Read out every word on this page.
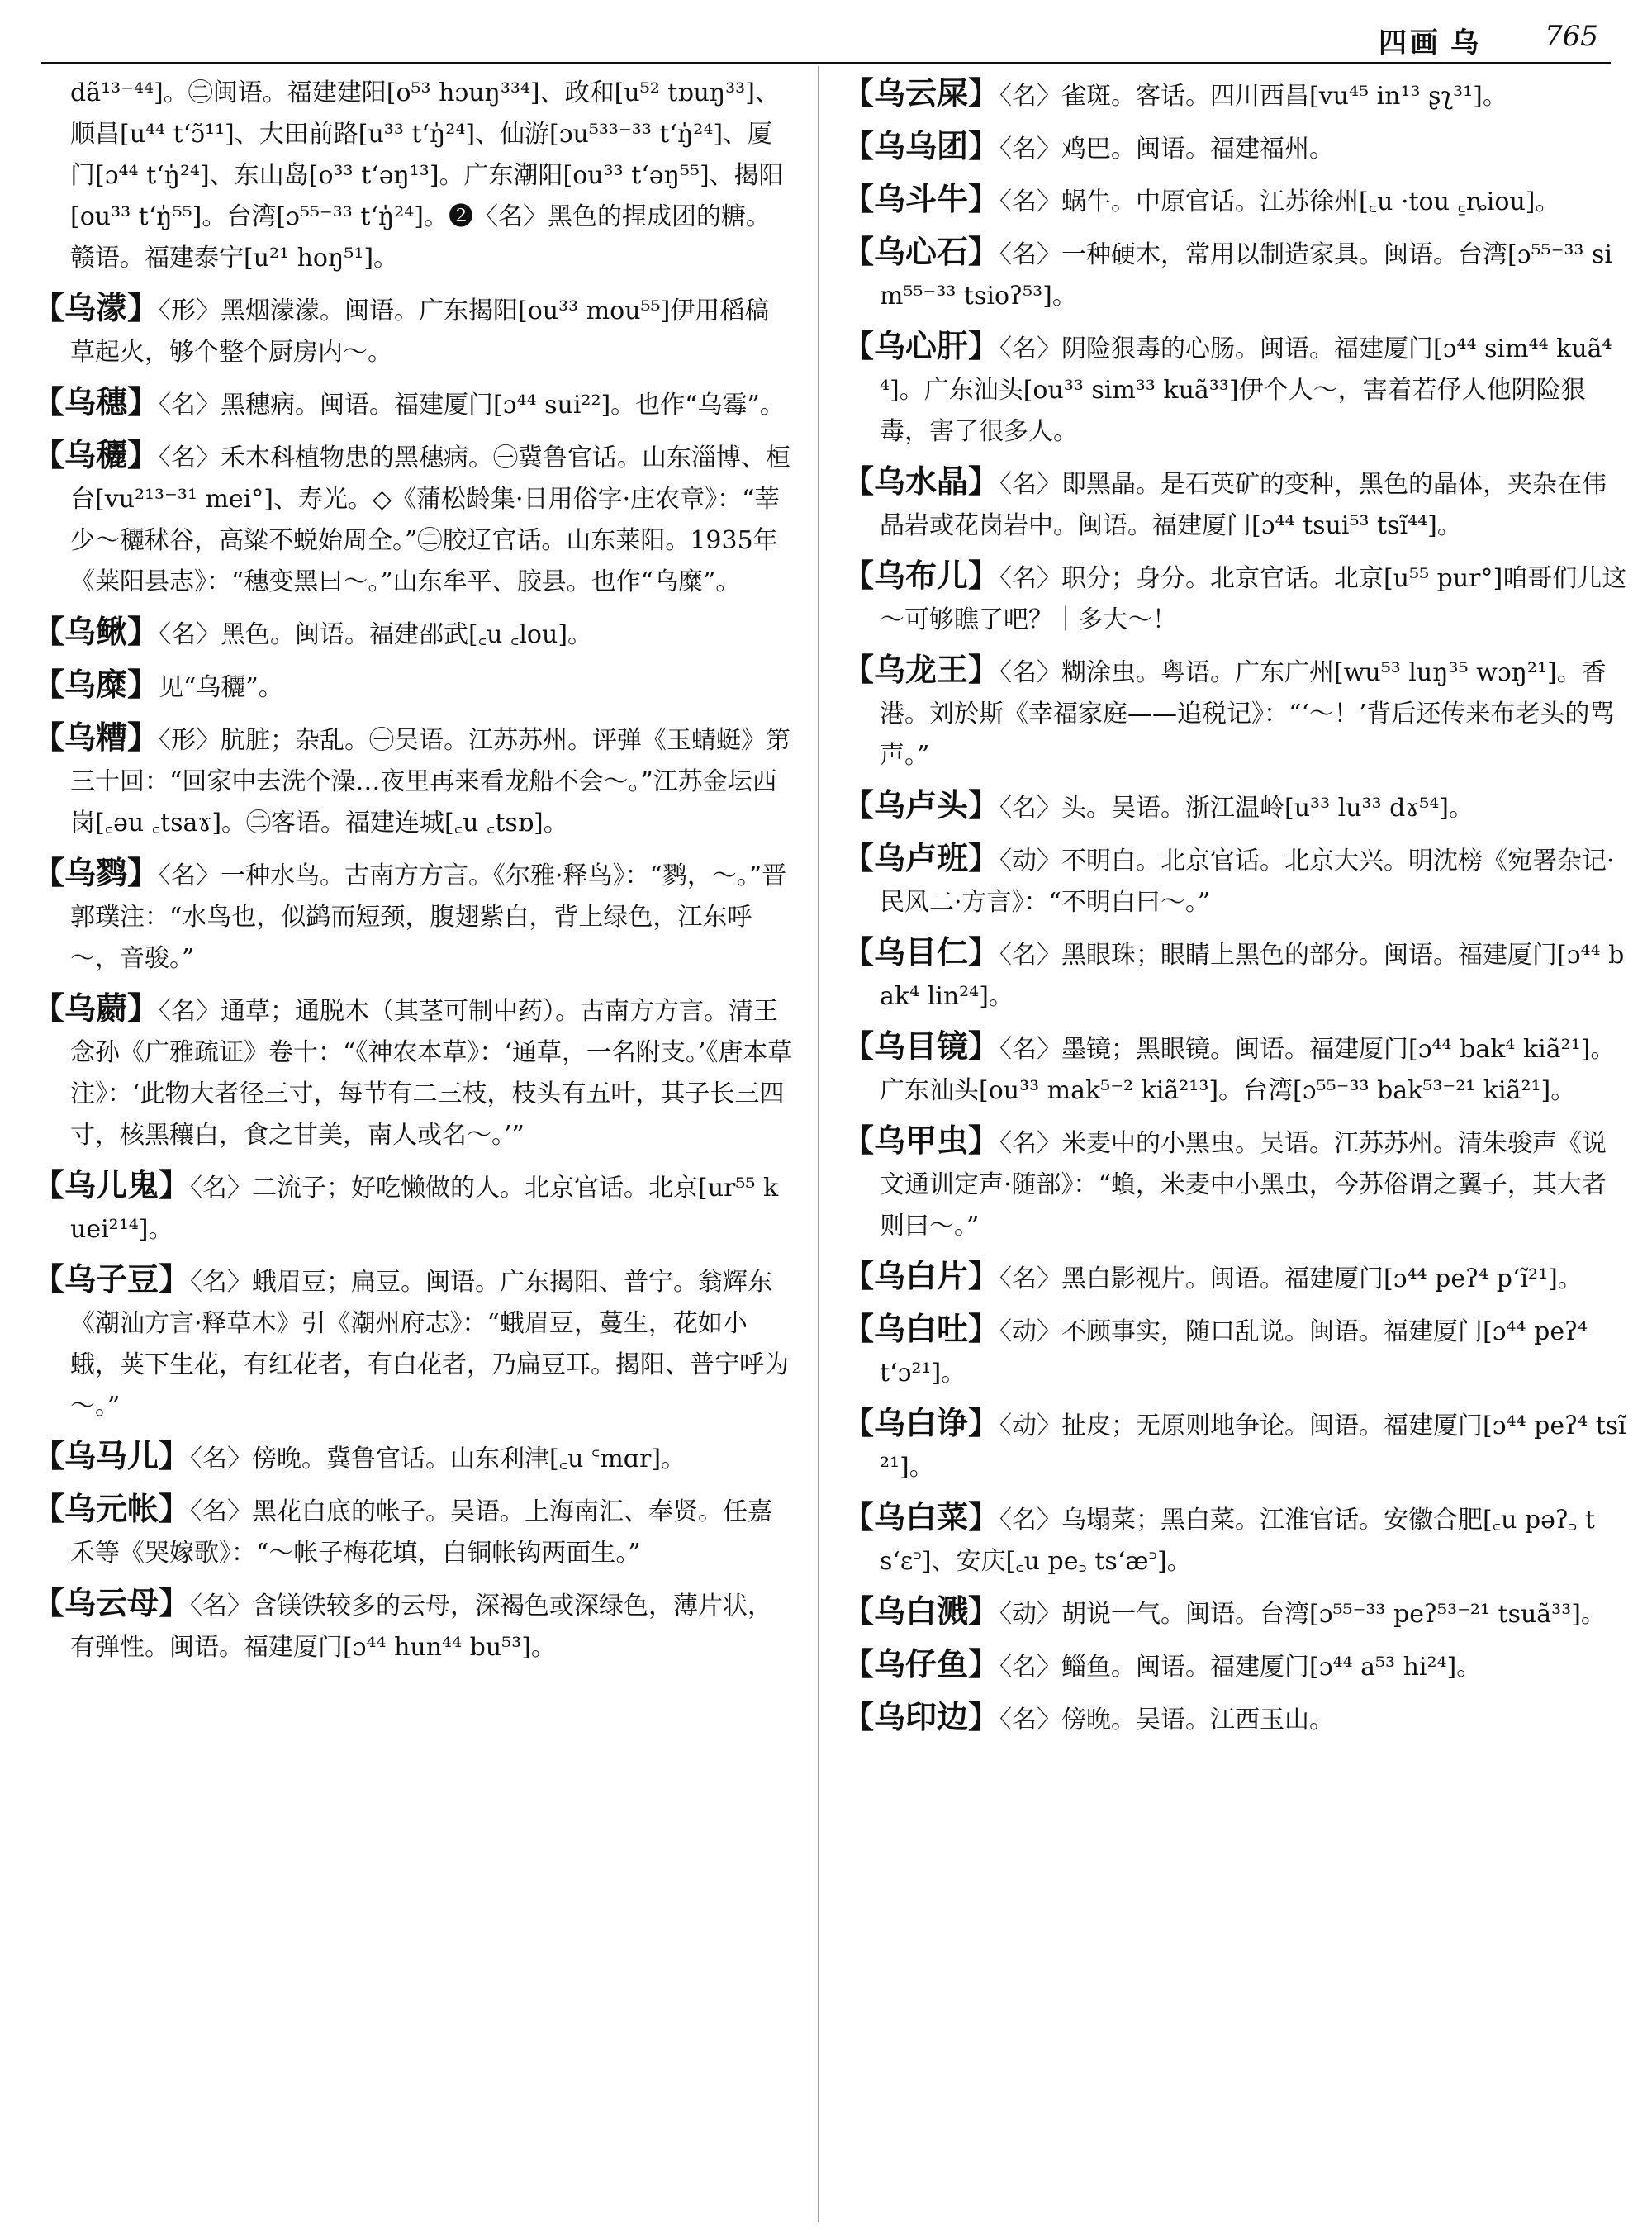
四画 乌 765

dã¹³⁻⁴⁴]。㊁闽语。福建建阳[o⁵³ hɔuŋ³³⁴]、政和[u⁵² tɒuŋ³³]、顺昌[u⁴⁴ t‘ɔ̃¹¹]、大田前路[u³³ t‘ŋ̍²⁴]、仙游[ɔu⁵³³⁻³³ t‘ŋ̍²⁴]、厦门[ɔ⁴⁴ t‘ŋ̍²⁴]、东山岛[o³³ t‘əŋ¹³]。广东潮阳[ou³³ t‘əŋ⁵⁵]、揭阳[ou³³ t‘ŋ̍⁵⁵]。台湾[ɔ⁵⁵⁻³³ t‘ŋ̍²⁴]。❷〈名〉黑色的捏成团的糖。赣语。福建泰宁[u²¹ hoŋ⁵¹]。

【乌濛】〈形〉黑烟濛濛。闽语。广东揭阳[ou³³ mou⁵⁵]伊用稻稿草起火，够个整个厨房内～。

【乌穗】〈名〉黑穗病。闽语。福建厦门[ɔ⁴⁴ sui²²]。也作“乌霉”。

【乌穲】〈名〉禾木科植物患的黑穗病。㊀冀鲁官话。山东淄博、桓台[vu²¹³⁻³¹ mei°]、寿光。◇《蒲松龄集·日用俗字·庄农章》：“莘少～穲秫谷，高粱不蜕始周全。”㊁胶辽官话。山东莱阳。1935年《莱阳县志》：“穗变黑曰～。”山东牟平、胶县。也作“乌糜”。

【乌鳅】〈名〉黑色。闽语。福建邵武[꜀u ꜀lou]。

【乌糜】见“乌穲”。

【乌糟】〈形〉肮脏；杂乱。㊀吴语。江苏苏州。评弹《玉蜻蜓》第三十回：“回家中去洗个澡…夜里再来看龙船不会～。”江苏金坛西岗[꜀əu ꜀tsaɤ]。㊁客语。福建连城[꜀u ꜀tsɒ]。

【乌鹨】〈名〉一种水鸟。古南方方言。《尔雅·释鸟》：“鹨，～。”晋郭璞注：“水鸟也，似鹢而短颈，腹翅紫白，背上绿色，江东呼～，音骏。”

【乌蘮】〈名〉通草；通脱木（其茎可制中药）。古南方方言。清王念孙《广雅疏证》卷十：“《神农本草》：‘通草，一名附支。’《唐本草注》：‘此物大者径三寸，每节有二三枝，枝头有五叶，其子长三四寸，核黑穰白，食之甘美，南人或名～。’”

【乌儿鬼】〈名〉二流子；好吃懒做的人。北京官话。北京[ur⁵⁵ kuei²¹⁴]。

【乌子豆】〈名〉蛾眉豆；扁豆。闽语。广东揭阳、普宁。翁辉东《潮汕方言·释草木》引《潮州府志》：“蛾眉豆，蔓生，花如小蛾，荚下生花，有红花者，有白花者，乃扁豆耳。揭阳、普宁呼为～。”

【乌马儿】〈名〉傍晚。冀鲁官话。山东利津[꜀u ꜂mɑr]。

【乌元帐】〈名〉黑花白底的帐子。吴语。上海南汇、奉贤。任嘉禾等《哭嫁歌》：“～帐子梅花填，白铜帐钩两面生。”

【乌云母】〈名〉含镁铁较多的云母，深褐色或深绿色，薄片状，有弹性。闽语。福建厦门[ɔ⁴⁴ hun⁴⁴ bu⁵³]。

【乌云屎】〈名〉雀斑。客话。四川西昌[vu⁴⁵ in¹³ ʂʅ³¹]。

【乌乌团】〈名〉鸡巴。闽语。福建福州。

【乌斗牛】〈名〉蜗牛。中原官话。江苏徐州[꜀u ·tou ꜁ȵiou]。

【乌心石】〈名〉一种硬木，常用以制造家具。闽语。台湾[ɔ⁵⁵⁻³³ sim⁵⁵⁻³³ tsioʔ⁵³]。

【乌心肝】〈名〉阴险狠毒的心肠。闽语。福建厦门[ɔ⁴⁴ sim⁴⁴ kuã⁴⁴]。广东汕头[ou³³ sim³³ kuã³³]伊个人～，害着若伃人他阴险狠毒，害了很多人。

【乌水晶】〈名〉即黑晶。是石英矿的变种，黑色的晶体，夹杂在伟晶岩或花岗岩中。闽语。福建厦门[ɔ⁴⁴ tsui⁵³ tsĩ⁴⁴]。

【乌布儿】〈名〉职分；身分。北京官话。北京[u⁵⁵ pur°]咱哥们儿这～可够瞧了吧？｜多大～！

【乌龙王】〈名〉糊涂虫。粤语。广东广州[wu⁵³ luŋ³⁵ wɔŋ²¹]。香港。刘於斯《幸福家庭——追税记》：“‘～！’背后还传来布老头的骂声。”

【乌卢头】〈名〉头。吴语。浙江温岭[u³³ lu³³ dɤ⁵⁴]。

【乌卢班】〈动〉不明白。北京官话。北京大兴。明沈榜《宛署杂记·民风二·方言》：“不明白曰～。”

【乌目仁】〈名〉黑眼珠；眼睛上黑色的部分。闽语。福建厦门[ɔ⁴⁴ bak⁴ lin²⁴]。

【乌目镜】〈名〉墨镜；黑眼镜。闽语。福建厦门[ɔ⁴⁴ bak⁴ kiã²¹]。广东汕头[ou³³ mak⁵⁻² kiã²¹³]。台湾[ɔ⁵⁵⁻³³ bak⁵³⁻²¹ kiã²¹]。

【乌甲虫】〈名〉米麦中的小黑虫。吴语。江苏苏州。清朱骏声《说文通训定声·随部》：“蝜，米麦中小黑虫，今苏俗谓之翼子，其大者则曰～。”

【乌白片】〈名〉黑白影视片。闽语。福建厦门[ɔ⁴⁴ peʔ⁴ p‘ĩ²¹]。

【乌白吐】〈动〉不顾事实，随口乱说。闽语。福建厦门[ɔ⁴⁴ peʔ⁴ t‘ɔ²¹]。

【乌白诤】〈动〉扯皮；无原则地争论。闽语。福建厦门[ɔ⁴⁴ peʔ⁴ tsĩ²¹]。

【乌白菜】〈名〉乌塌菜；黑白菜。江淮官话。安徽合肥[꜀u pəʔ꜆ ts‘ɛ꜄]、安庆[꜀u pe꜆ ts‘æ꜄]。

【乌白溅】〈动〉胡说一气。闽语。台湾[ɔ⁵⁵⁻³³ peʔ⁵³⁻²¹ tsuã³³]。

【乌仔鱼】〈名〉鲻鱼。闽语。福建厦门[ɔ⁴⁴ a⁵³ hi²⁴]。

【乌印边】〈名〉傍晚。吴语。江西玉山。
